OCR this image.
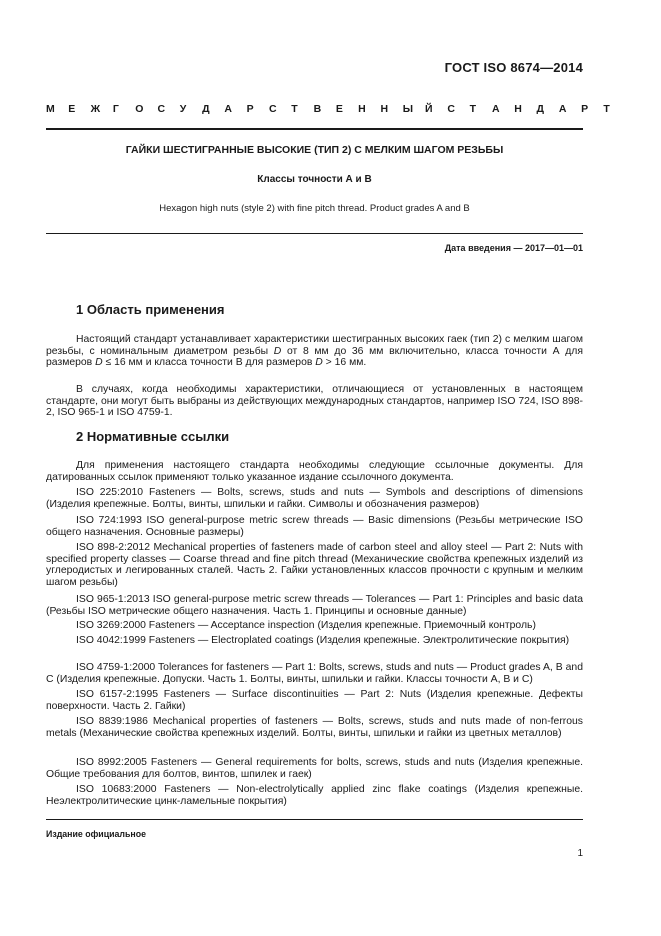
ГОСТ ISO 8674—2014
М	Е	Ж	Г	О	С	У	Д	А	Р	С	Т	В	Е	Н	Н	Ы	Й	С	Т	А	Н	Д	А	Р	Т
ГАЙКИ ШЕСТИГРАННЫЕ ВЫСОКИЕ (ТИП 2) С МЕЛКИМ ШАГОМ РЕЗЬБЫ
Классы точности А и В
Hexagon high nuts (style 2) with fine pitch thread. Product grades A and B
Дата введения — 2017—01—01
1 Область применения
Настоящий стандарт устанавливает характеристики шестигранных высоких гаек (тип 2) с мелким шагом резьбы, с номинальным диаметром резьбы D от 8 мм до 36 мм включительно, класса точности А для размеров D ≤ 16 мм и класса точности В для размеров D > 16 мм.
В случаях, когда необходимы характеристики, отличающиеся от установленных в настоящем стандарте, они могут быть выбраны из действующих международных стандартов, например ISO 724, ISO 898-2, ISO 965-1 и ISO 4759-1.
2 Нормативные ссылки
Для применения настоящего стандарта необходимы следующие ссылочные документы. Для датированных ссылок применяют только указанное издание ссылочного документа.
ISO 225:2010 Fasteners — Bolts, screws, studs and nuts — Symbols and descriptions of dimensions (Изделия крепежные. Болты, винты, шпильки и гайки. Символы и обозначения размеров)
ISO 724:1993 ISO general-purpose metric screw threads — Basic dimensions (Резьбы метрические ISO общего назначения. Основные размеры)
ISO 898-2:2012 Mechanical properties of fasteners made of carbon steel and alloy steel — Part 2: Nuts with specified property classes — Coarse thread and fine pitch thread (Механические свойства крепежных изделий из углеродистых и легированных сталей. Часть 2. Гайки установленных классов прочности с крупным и мелким шагом резьбы)
ISO 965-1:2013 ISO general-purpose metric screw threads — Tolerances — Part 1: Principles and basic data (Резьбы ISO метрические общего назначения. Часть 1. Принципы и основные данные)
ISO 3269:2000 Fasteners — Acceptance inspection (Изделия крепежные. Приемочный контроль)
ISO 4042:1999 Fasteners — Electroplated coatings (Изделия крепежные. Электролитические покрытия)
ISO 4759-1:2000 Tolerances for fasteners — Part 1: Bolts, screws, studs and nuts — Product grades A, B and C (Изделия крепежные. Допуски. Часть 1. Болты, винты, шпильки и гайки. Классы точности A, B и C)
ISO 6157-2:1995 Fasteners — Surface discontinuities — Part 2: Nuts (Изделия крепежные. Дефекты поверхности. Часть 2. Гайки)
ISO 8839:1986 Mechanical properties of fasteners — Bolts, screws, studs and nuts made of non-ferrous metals (Механические свойства крепежных изделий. Болты, винты, шпильки и гайки из цветных металлов)
ISO 8992:2005 Fasteners — General requirements for bolts, screws, studs and nuts (Изделия крепежные. Общие требования для болтов, винтов, шпилек и гаек)
ISO 10683:2000 Fasteners — Non-electrolytically applied zinc flake coatings (Изделия крепежные. Неэлектролитические цинк-ламельные покрытия)
Издание официальное
1
